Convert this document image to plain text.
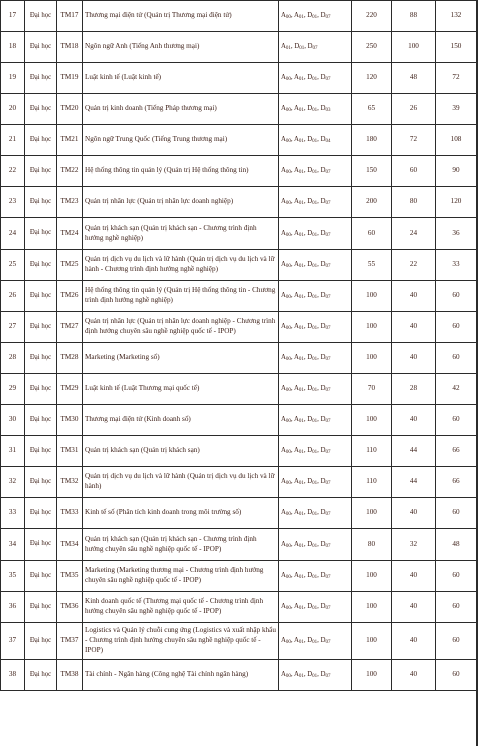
17	Đại học	TM17	Thương mại điện tử (Quản trị Thương mại điện tử)	$A_{00}$, $A_{01}$, $D_{01}$, $D_{07}$	220	88	132
18	Đại học	TM18	Ngôn ngữ Anh (Tiếng Anh thương mại)	$A_{01}$, $D_{01}$, $D_{07}$	250	100	150
19	Đại học	TM19	Luật kinh tế (Luật kinh tế)	$A_{00}$, $A_{01}$, $D_{01}$, $D_{07}$	120	48	72
20	Đại học	TM20	Quản trị kinh doanh (Tiếng Pháp thương mại)	$A_{00}$, $A_{01}$, $D_{01}$, $D_{03}$	65	26	39
21	Đại học	TM21	Ngôn ngữ Trung Quốc (Tiếng Trung thương mại)	$A_{00}$, $A_{01}$, $D_{01}$, $D_{04}$	180	72	108
22	Đại học	TM22	Hệ thống thông tin quản lý (Quản trị Hệ thống thông tin)	$A_{00}$, $A_{01}$, $D_{01}$, $D_{07}$	150	60	90
23	Đại học	TM23	Quản trị nhân lực (Quản trị nhân lực doanh nghiệp)	$A_{00}$, $A_{01}$, $D_{01}$, $D_{07}$	200	80	120
24	Đại học	TM24	Quản trị khách sạn (Quản trị khách sạn - Chương trình định hướng nghề nghiệp)	$A_{00}$, $A_{01}$, $D_{01}$, $D_{07}$	60	24	36
25	Đại học	TM25	Quản trị dịch vụ du lịch và lữ hành (Quản trị dịch vụ du lịch và lữ hành - Chương trình định hướng nghề nghiệp)	$A_{00}$, $A_{01}$, $D_{01}$, $D_{07}$	55	22	33
26	Đại học	TM26	Hệ thống thông tin quản lý (Quản trị Hệ thống thông tin - Chương trình định hướng nghề nghiệp)	$A_{00}$, $A_{01}$, $D_{01}$, $D_{07}$	100	40	60
27	Đại học	TM27	Quản trị nhân lực (Quản trị nhân lực doanh nghiệp - Chương trình định hướng chuyên sâu nghề nghiệp quốc tế - IPOP)	$A_{00}$, $A_{01}$, $D_{01}$, $D_{07}$	100	40	60
28	Đại học	TM28	Marketing (Marketing số)	$A_{00}$, $A_{01}$, $D_{01}$, $D_{07}$	100	40	60
29	Đại học	TM29	Luật kinh tế (Luật Thương mại quốc tế)	$A_{00}$, $A_{01}$, $D_{01}$, $D_{07}$	70	28	42
30	Đại học	TM30	Thương mại điện tử (Kinh doanh số)	$A_{00}$, $A_{01}$, $D_{01}$, $D_{07}$	100	40	60
31	Đại học	TM31	Quản trị khách sạn (Quản trị khách sạn)	$A_{00}$, $A_{01}$, $D_{01}$, $D_{07}$	110	44	66
32	Đại học	TM32	Quản trị dịch vụ du lịch và lữ hành (Quản trị dịch vụ du lịch và lữ hành)	$A_{00}$, $A_{01}$, $D_{01}$, $D_{07}$	110	44	66
33	Đại học	TM33	Kinh tế số (Phân tích kinh doanh trong môi trường số)	$A_{00}$, $A_{01}$, $D_{01}$, $D_{07}$	100	40	60
34	Đại học	TM34	Quản trị khách sạn (Quản trị khách sạn - Chương trình định hướng chuyên sâu nghề nghiệp quốc tế - IPOP)	$A_{00}$, $A_{01}$, $D_{01}$, $D_{07}$	80	32	48
35	Đại học	TM35	Marketing (Marketing thương mại - Chương trình định hướng chuyên sâu nghề nghiệp quốc tế - IPOP)	$A_{00}$, $A_{01}$, $D_{01}$, $D_{07}$	100	40	60
36	Đại học	TM36	Kinh doanh quốc tế (Thương mại quốc tế - Chương trình định hướng chuyên sâu nghề nghiệp quốc tế - IPOP)	$A_{00}$, $A_{01}$, $D_{01}$, $D_{07}$	100	40	60
37	Đại học	TM37	Logistics và Quản lý chuỗi cung ứng (Logistics và xuất nhập khẩu - Chương trình định hướng chuyên sâu nghề nghiệp quốc tế - IPOP)	$A_{00}$, $A_{01}$, $D_{01}$, $D_{07}$	100	40	60
38	Đại học	TM38	Tài chính - Ngân hàng (Công nghệ Tài chính ngân hàng)	$A_{00}$, $A_{01}$, $D_{01}$, $D_{07}$	100	40	60
